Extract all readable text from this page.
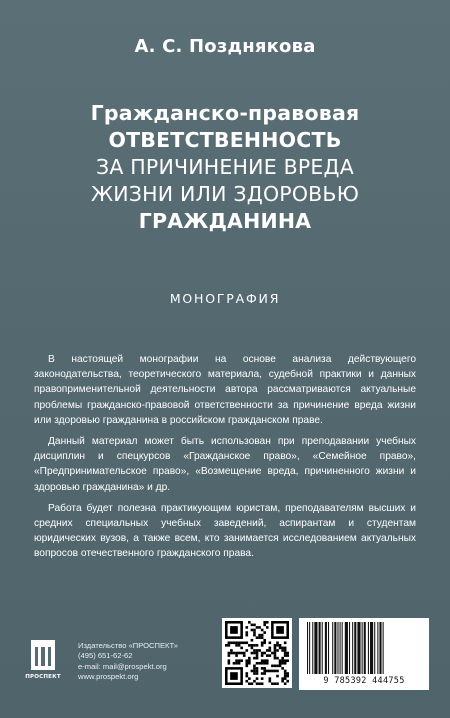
А. С. Позднякова
Гражданско-правовая
ОТВЕТСТВЕННОСТЬ
ЗА ПРИЧИНЕНИЕ ВРЕДА
ЖИЗНИ ИЛИ ЗДОРОВЬЮ
ГРАЖДАНИНА
МОНОГРАФИЯ

В настоящей монографии на основе анализа действующего законодательства, теоретического материала, судебной практики и данных правоприменительной деятельности автора рассматриваются актуальные проблемы гражданско-правовой ответственности за причинение вреда жизни или здоровью гражданина в российском гражданском праве.

Данный материал может быть использован при преподавании учебных дисциплин и спецкурсов «Гражданское право», «Семейное право», «Предпринимательское право», «Возмещение вреда, причиненного жизни и здоровью гражданина» и др.

Работа будет полезна практикующим юристам, преподавателям высших и средних специальных учебных заведений, аспирантам и студентам юридических вузов, а также всем, кто занимается исследованием актуальных вопросов отечественного гражданского права.

ПРОСПЕКТ
Издательство «ПРОСПЕКТ»
(495) 651-62-62
e-mail: mail@prospekt.org
www.prospekt.org	9 785392 444755
